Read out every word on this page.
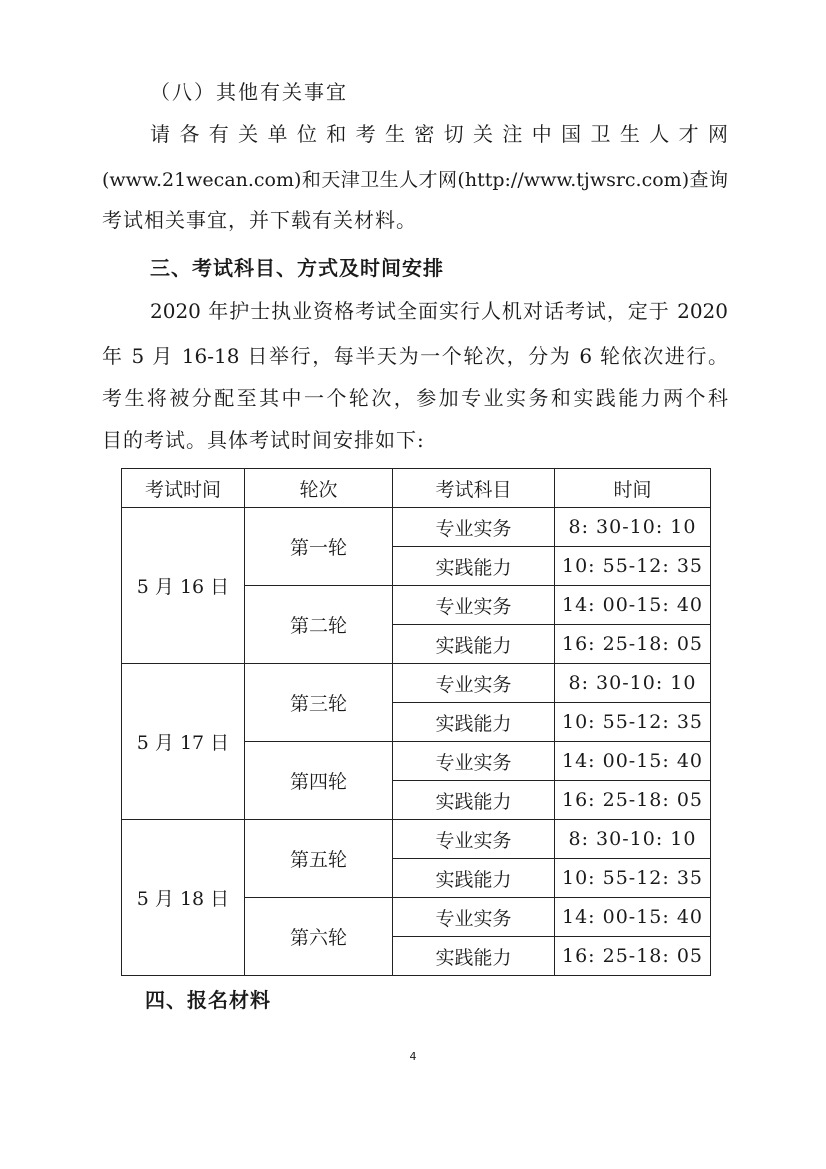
（八）其他有关事宜
请各有关单位和考生密切关注中国卫生人才网
(www.21wecan.com)和天津卫生人才网(http://www.tjwsrc.com)查询
考试相关事宜，并下载有关材料。
三、考试科目、方式及时间安排
2020 年护士执业资格考试全面实行人机对话考试，定于 2020
年 5 月 16-18 日举行，每半天为一个轮次，分为 6 轮依次进行。
考生将被分配至其中一个轮次，参加专业实务和实践能力两个科
目的考试。具体考试时间安排如下:
考试时间	轮次	考试科目	时间
5 月 16 日	第一轮	专业实务	8: 30-10: 10
		实践能力	10: 55-12: 35
	第二轮	专业实务	14: 00-15: 40
		实践能力	16: 25-18: 05
5 月 17 日	第三轮	专业实务	8: 30-10: 10
		实践能力	10: 55-12: 35
	第四轮	专业实务	14: 00-15: 40
		实践能力	16: 25-18: 05
5 月 18 日	第五轮	专业实务	8: 30-10: 10
		实践能力	10: 55-12: 35
	第六轮	专业实务	14: 00-15: 40
		实践能力	16: 25-18: 05
四、报名材料
4
